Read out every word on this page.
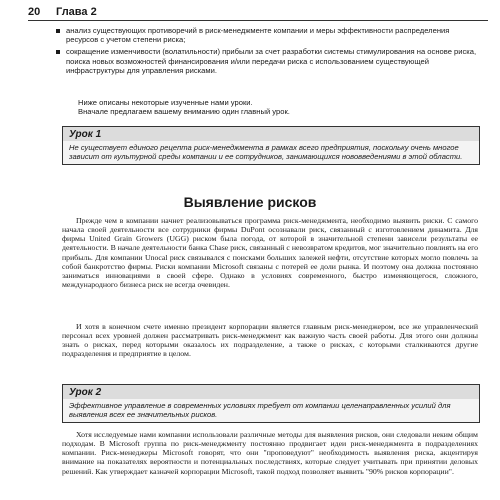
20 Глава 2
анализ существующих противоречий в риск-менеджменте компании и меры эффективности распределения ресурсов с учетом степени риска;
сокращение изменчивости (волатильности) прибыли за счет разработки системы стимулирования на основе риска, поиска новых возможностей финансирования и/или передачи риска с использованием существующей инфраструктуры для управления рисками.

Ниже описаны некоторые изученные нами уроки.

Вначале предлагаем вашему вниманию один главный урок.

Урок 1
Не существует единого рецепта риск-менеджмента в рамках всего предприятия, поскольку очень многое зависит от культурной среды компании и ее сотрудников, занимающихся нововведениями в этой области.
Выявление рисков

Прежде чем в компании начнет реализовываться программа риск-менеджмента, необходимо выявить риски. С самого начала своей деятельности все сотрудники фирмы DuPont осознавали риск, связанный с изготовлением динамита. Для фирмы United Grain Growers (UGG) риском была погода, от которой в значительной степени зависели результаты ее деятельности. В начале деятельности банка Chase риск, связанный с невозвратом кредитов, мог значительно повлиять на его прибыль. Для компании Unocal риск связывался с поисками больших залежей нефти, отсутствие которых могло повлечь за собой банкротство фирмы. Риски компании Microsoft связаны с потерей ее доли рынка. И поэтому она должна постоянно заниматься инновациями в своей сфере. Однако в условиях современного, быстро изменяющегося, сложного, международного бизнеса риск не всегда очевиден.

И хотя в конечном счете именно президент корпорации является главным риск-менеджером, все же управленческий персонал всех уровней должен рассматривать риск-менеджмент как важную часть своей работы. Для этого они должны знать о рисках, перед которыми оказалось их подразделение, а также о рисках, с которыми сталкиваются другие подразделения и предприятие в целом.

Урок 2
Эффективное управление в современных условиях требует от компании целенаправленных усилий для выявления всех ее значительных рисков.

Хотя исследуемые нами компании использовали различные методы для выявления рисков, они следовали неким общим подходам. В Microsoft группа по риск-менеджменту постоянно продвигает идеи риск-менеджмента в подразделениях компании. Риск-менеджеры Microsoft говорят, что они "проповедуют" необходимость выявления риска, акцентируя внимание на показателях вероятности и потенциальных последствиях, которые следует учитывать при принятии деловых решений. Как утверждает казначей корпорации Microsoft, такой подход позволяет выявить "90% рисков корпорации".
